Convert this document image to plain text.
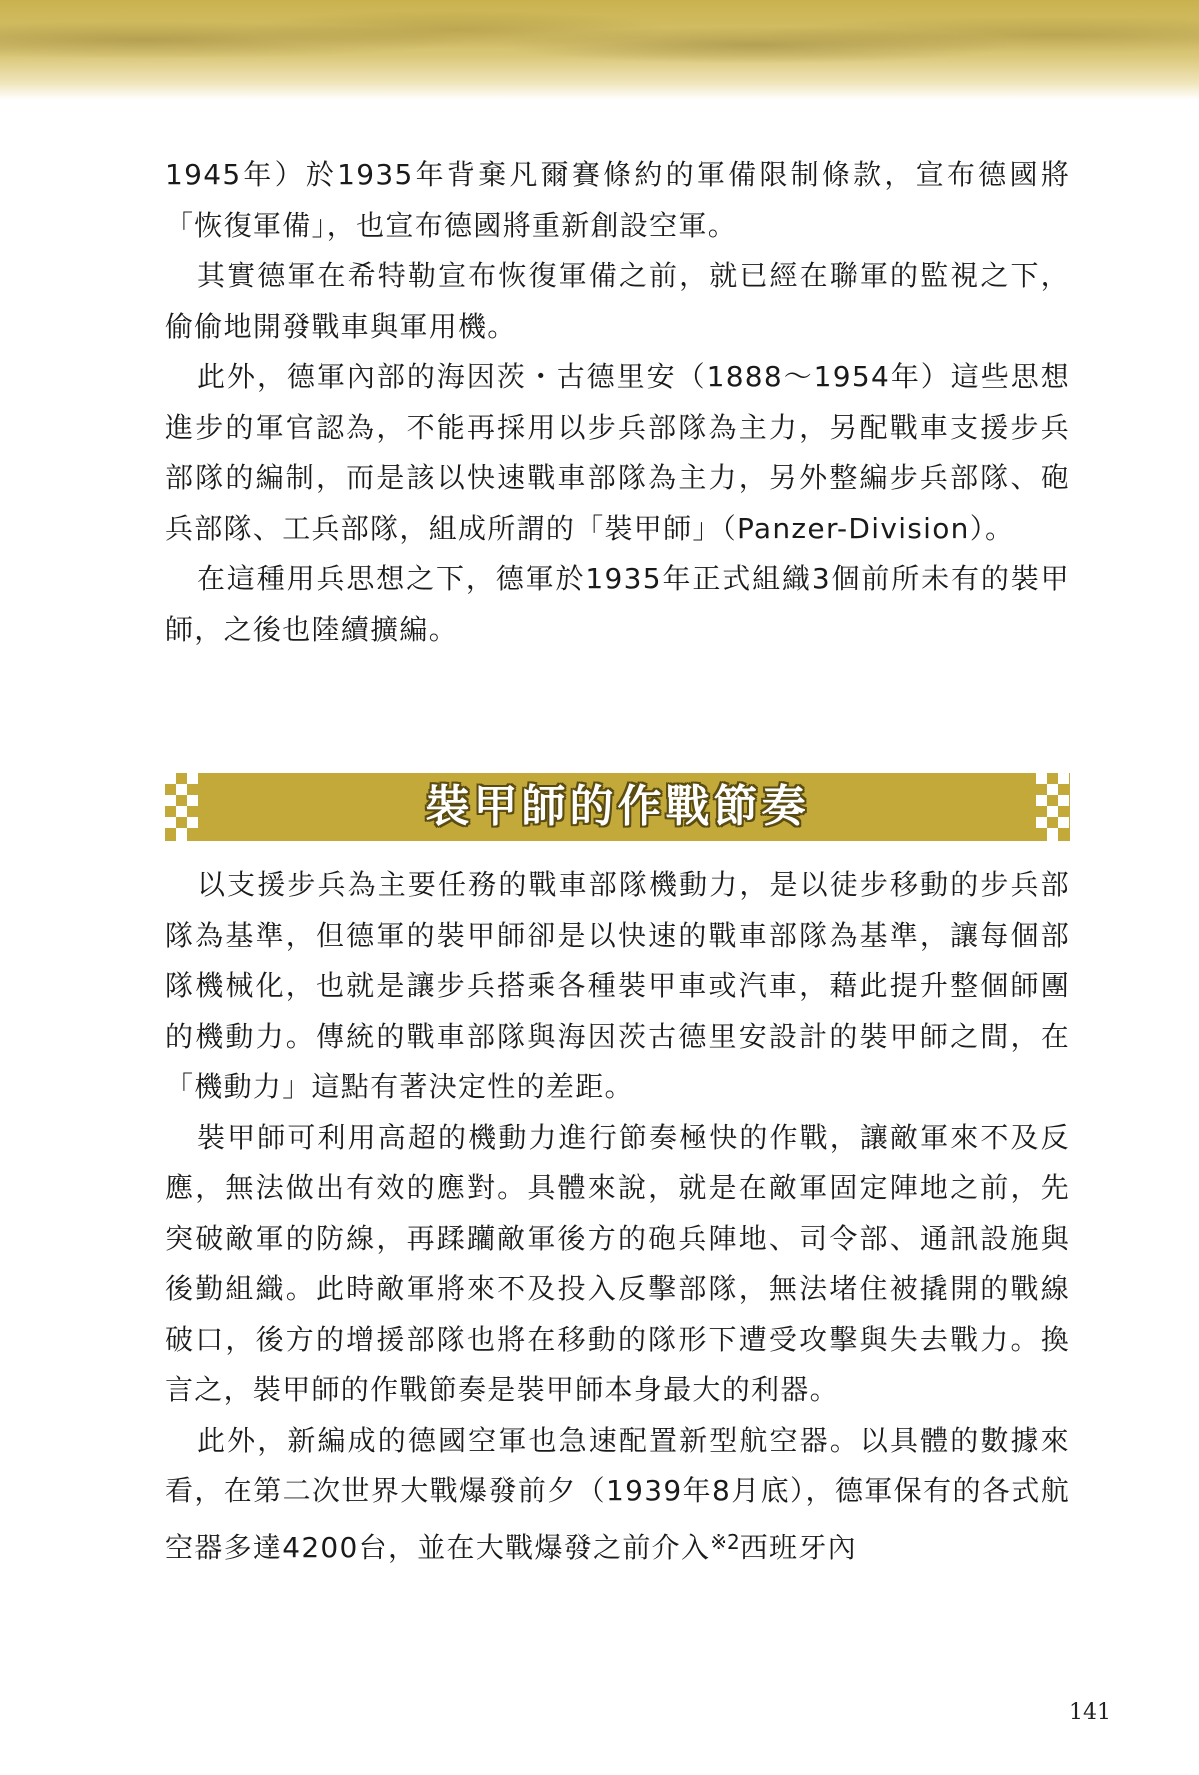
1945年）於1935年背棄凡爾賽條約的軍備限制條款，宣布德國將「恢復軍備」，也宣布德國將重新創設空軍。

其實德軍在希特勒宣布恢復軍備之前，就已經在聯軍的監視之下，偷偷地開發戰車與軍用機。

此外，德軍內部的海因茨・古德里安（1888〜1954年）這些思想進步的軍官認為，不能再採用以步兵部隊為主力，另配戰車支援步兵部隊的編制，而是該以快速戰車部隊為主力，另外整編步兵部隊、砲兵部隊、工兵部隊，組成所謂的「裝甲師」（Panzer-Division）。

在這種用兵思想之下，德軍於1935年正式組織3個前所未有的裝甲師，之後也陸續擴編。

裝甲師的作戰節奏

以支援步兵為主要任務的戰車部隊機動力，是以徒步移動的步兵部隊為基準，但德軍的裝甲師卻是以快速的戰車部隊為基準，讓每個部隊機械化，也就是讓步兵搭乘各種裝甲車或汽車，藉此提升整個師團的機動力。傳統的戰車部隊與海因茨古德里安設計的裝甲師之間，在「機動力」這點有著決定性的差距。

裝甲師可利用高超的機動力進行節奏極快的作戰，讓敵軍來不及反應，無法做出有效的應對。具體來說，就是在敵軍固定陣地之前，先突破敵軍的防線，再蹂躪敵軍後方的砲兵陣地、司令部、通訊設施與後勤組織。此時敵軍將來不及投入反擊部隊，無法堵住被撬開的戰線破口，後方的增援部隊也將在移動的隊形下遭受攻擊與失去戰力。換言之，裝甲師的作戰節奏是裝甲師本身最大的利器。

此外，新編成的德國空軍也急速配置新型航空器。以具體的數據來看，在第二次世界大戰爆發前夕（1939年8月底），德軍保有的各式航空器多達4200台，並在大戰爆發之前介入$^{※2}$西班牙內

141
